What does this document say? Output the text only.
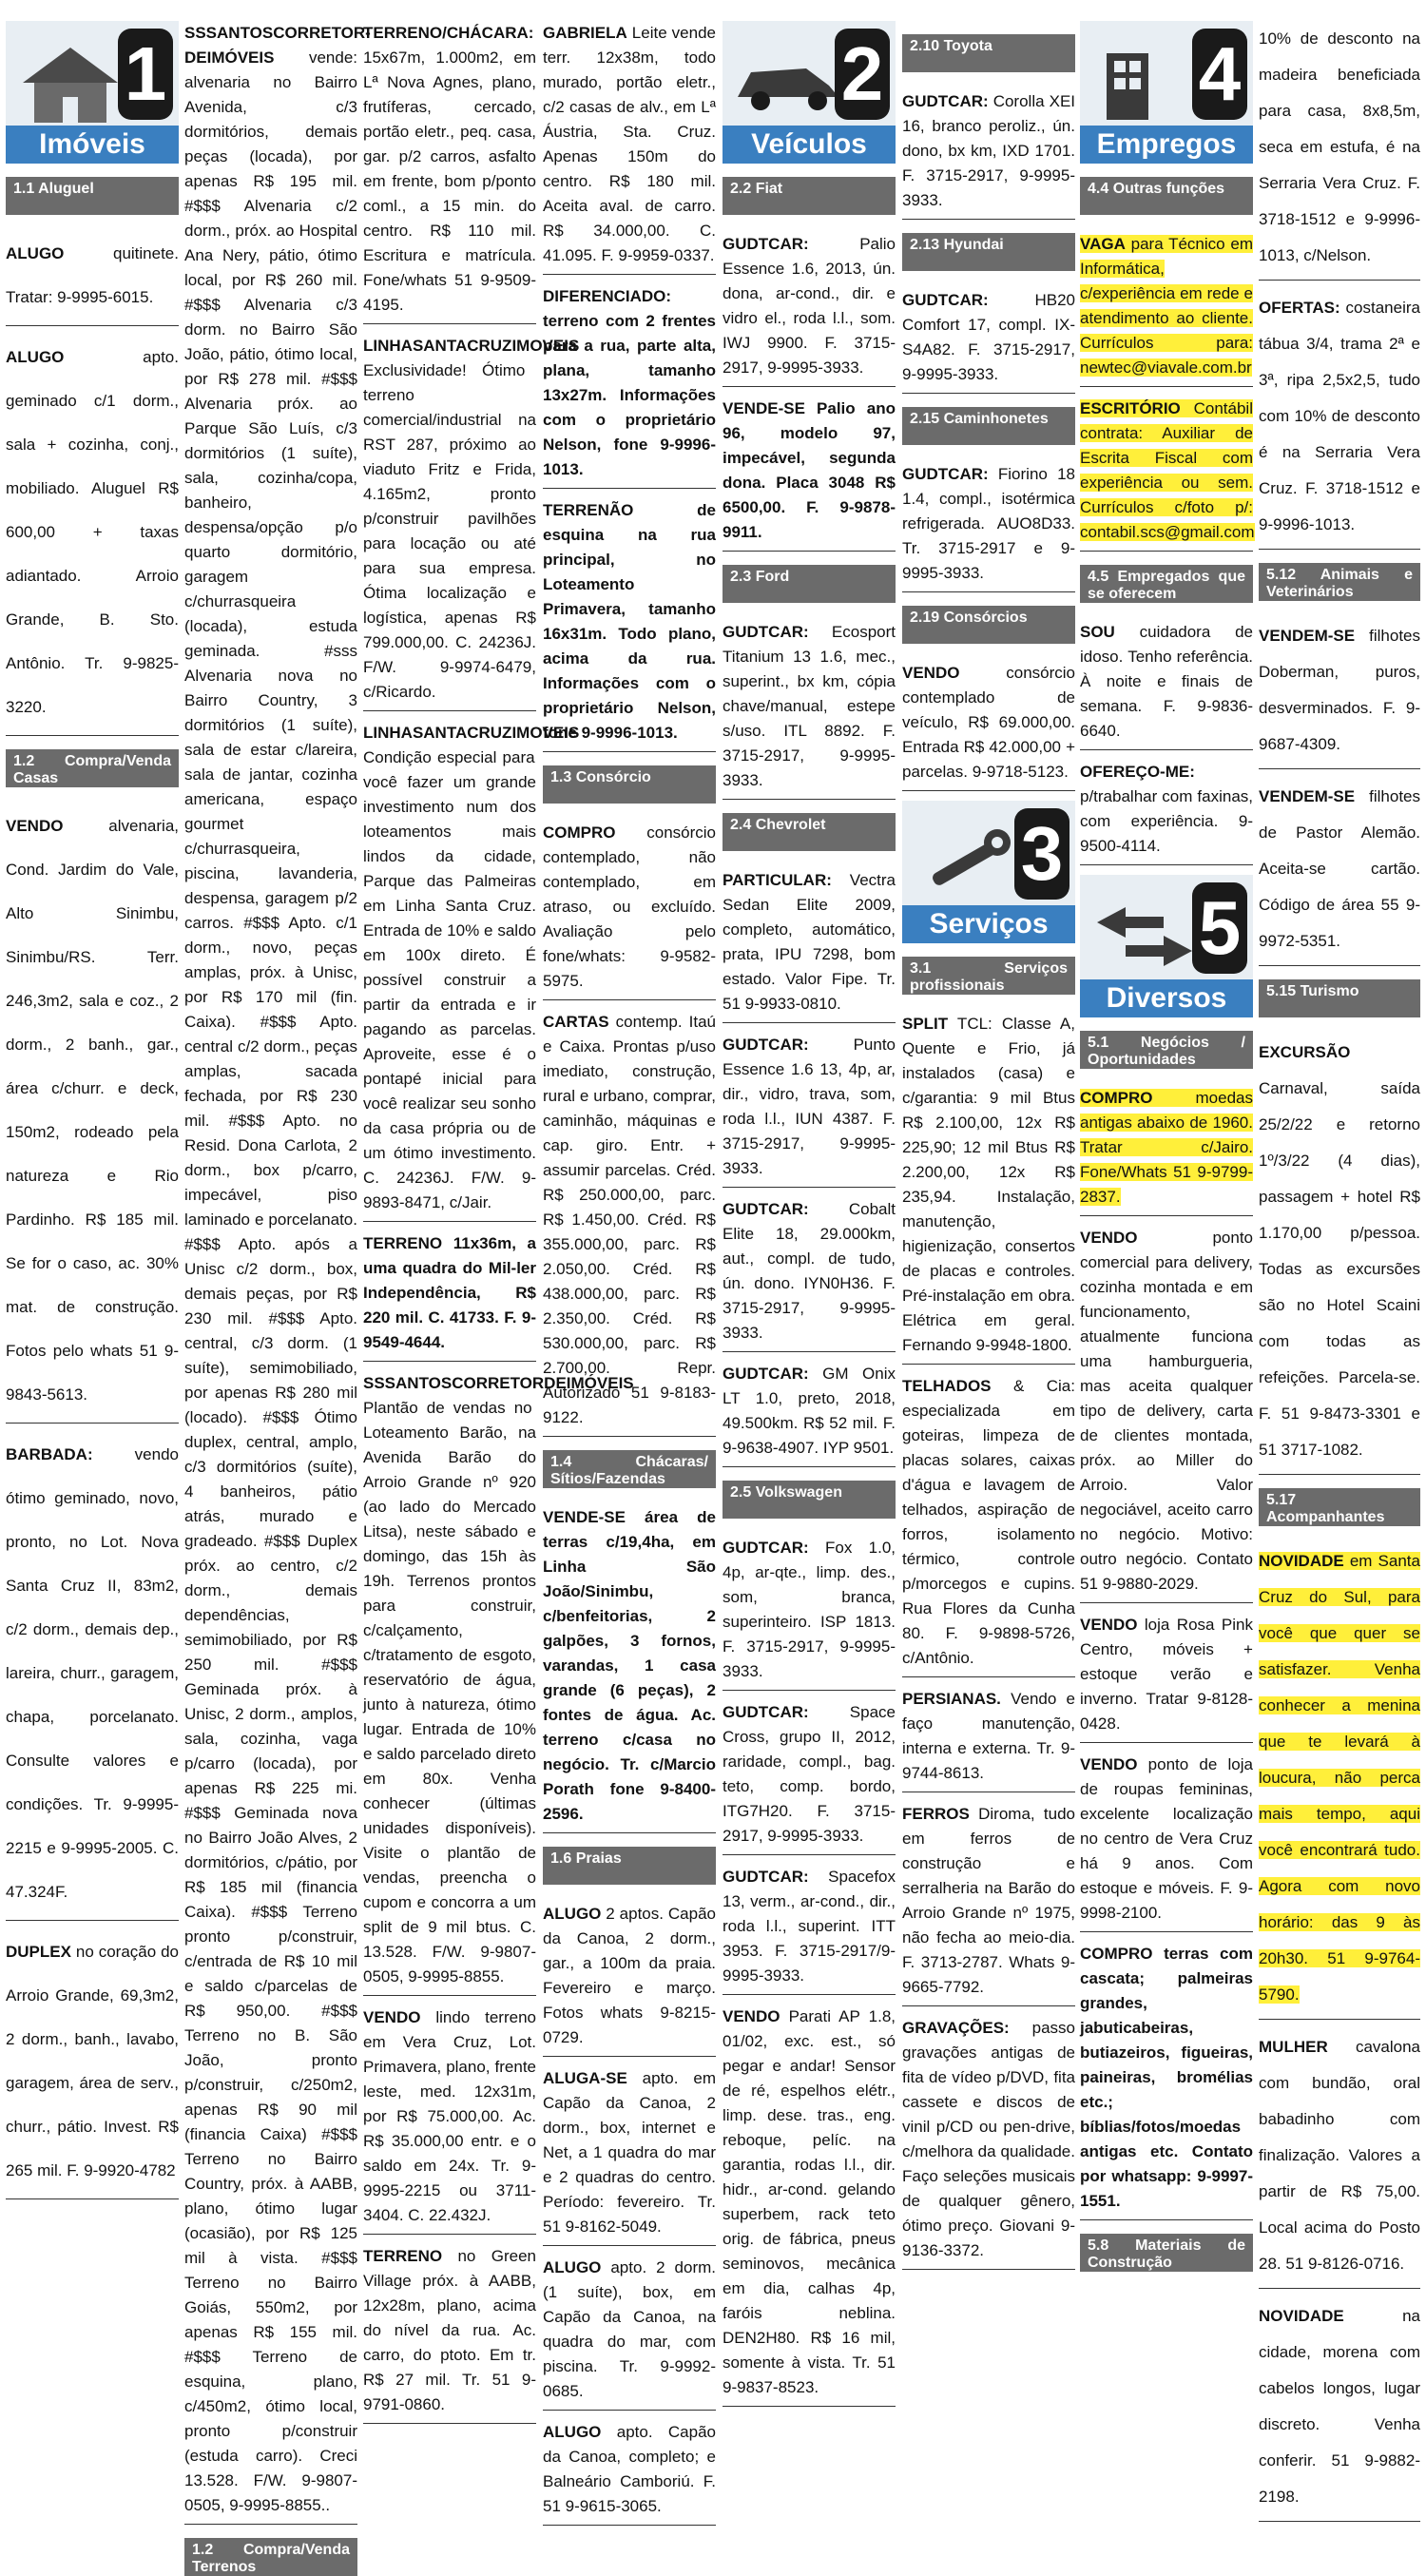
1
Imóveis
1.1 Aluguel
ALUGO quitinete. Tratar: 9-9995-6015.
ALUGO apto. geminado c/1 dorm., sala + cozinha, conj., mobiliado. Aluguel R$ 600,00 + taxas adiantado. Arroio Grande, B. Sto. Antônio. Tr. 9-9825-3220.
1.2 Compra/Venda Casas
VENDO alvenaria, Cond. Jardim do Vale, Alto Sinimbu, Sinimbu/RS. Terr. 246,3m2, sala e coz., 2 dorm., 2 banh., gar., área c/churr. e deck, 150m2, rodeado pela natureza e Rio Pardinho. R$ 185 mil. Se for o caso, ac. 30% mat. de construção. Fotos pelo whats 51 9-9843-5613.
BARBADA: vendo ótimo geminado, novo, pronto, no Lot. Nova Santa Cruz II, 83m2, c/2 dorm., demais dep., lareira, churr., garagem, chapa, porcelanato. Consulte valores e condições. Tr. 9-9995-2215 e 9-9995-2005. C. 47.324F.
DUPLEX no coração do Arroio Grande, 69,3m2, 2 dorm., banh., lavabo, garagem, área de serv., churr., pátio. Invest. R$ 265 mil. F. 9-9920-4782
SSSANTOSCORRETOR-DEIMÓVEIS vende: alvenaria no Bairro Avenida, c/3 dormitórios, demais peças (locada), por apenas R$ 195 mil. #$$$ Alvenaria c/2 dorm., próx. ao Hospital Ana Nery, pátio, ótimo local, por R$ 260 mil. #$$$ Alvenaria c/3 dorm. no Bairro São João, pátio, ótimo local, por R$ 278 mil. #$$$ Alvenaria próx. ao Parque São Luís, c/3 dormitórios (1 suíte), sala, cozinha/copa, banheiro, despensa/opção p/o quarto dormitório, garagem c/churrasqueira (locada), estuda geminada. #sss Alvenaria nova no Bairro Country, 3 dormitórios (1 suíte), sala de estar c/lareira, sala de jantar, cozinha americana, espaço gourmet c/churrasqueira, piscina, lavanderia, despensa, garagem p/2 carros. #$$$ Apto. c/1 dorm., novo, peças amplas, próx. à Unisc, por R$ 170 mil (fin. Caixa). #$$$ Apto. central c/2 dorm., peças amplas, sacada fechada, por R$ 230 mil. #$$$ Apto. no Resid. Dona Carlota, 2 dorm., box p/carro, impecável, piso laminado e porcelanato. #$$$ Apto. após a Unisc c/2 dorm., box, demais peças, por R$ 230 mil. #$$$ Apto. central, c/3 dorm. (1 suíte), semimobiliado, por apenas R$ 280 mil (locado). #$$$ Ótimo duplex, central, amplo, c/3 dormitórios (suíte), 4 banheiros, pátio atrás, murado e gradeado. #$$$ Duplex próx. ao centro, c/2 dorm., demais dependências, semimobiliado, por R$ 250 mil. #$$$ Geminada próx. à Unisc, 2 dorm., amplos, sala, cozinha, vaga p/carro (locada), por apenas R$ 225 mi. #$$$ Geminada nova no Bairro João Alves, 2 dormitórios, c/pátio, por R$ 185 mil (financia Caixa). #$$$ Terreno pronto p/construir, c/entrada de R$ 10 mil e saldo c/parcelas de R$ 950,00. #$$$ Terreno no B. São João, pronto p/construir, c/250m2, apenas R$ 90 mil (financia Caixa) #$$$ Terreno no Bairro Country, próx. à AABB, plano, ótimo lugar (ocasião), por R$ 125 mil à vista. #$$$ Terreno no Bairro Goiás, 550m2, por apenas R$ 155 mil. #$$$ Terreno de esquina, plano, c/450m2, ótimo local, pronto p/construir (estuda carro). Creci 13.528. F/W. 9-9807-0505, 9-9995-8855..
1.2 Compra/Venda Terrenos
TERRENO/CHÁCARA: 15x67m, 1.000m2, em Lª Nova Agnes, plano, frutíferas, cercado, portão eletr., peq. casa, gar. p/2 carros, asfalto em frente, bom p/ponto coml., a 15 min. do centro. R$ 110 mil. Escritura e matrícula. Fone/whats 51 9-9509-4195.
LINHASANTACRUZIMOVEIS Exclusividade! Ótimo terreno comercial/industrial na RST 287, próximo ao viaduto Fritz e Frida, 4.165m2, pronto p/construir pavilhões para locação ou até para sua empresa. Ótima localização e logística, apenas R$ 799.000,00. C. 24236J. F/W. 9-9974-6479, c/Ricardo.
LINHASANTACRUZIMOVEIS Condição especial para você fazer um grande investimento num dos loteamentos mais lindos da cidade, Parque das Palmeiras em Linha Santa Cruz. Entrada de 10% e saldo em 100x direto. É possível construir a partir da entrada e ir pagando as parcelas. Aproveite, esse é o pontapé inicial para você realizar seu sonho da casa própria ou de um ótimo investimento. C. 24236J. F/W. 9-9893-8471, c/Jair.
TERRENO 11x36m, a uma quadra do Mil-ler Independência, R$ 220 mil. C. 41733. F. 9-9549-4644.
SSSANTOSCORRETORDEIMÓVEIS Plantão de vendas no Loteamento Barão, na Avenida Barão do Arroio Grande nº 920 (ao lado do Mercado Litsa), neste sábado e domingo, das 15h às 19h. Terrenos prontos para construir, c/calçamento, c/tratamento de esgoto, reservatório de água, junto à natureza, ótimo lugar. Entrada de 10% e saldo parcelado direto em 80x. Venha conhecer (últimas unidades disponíveis). Visite o plantão de vendas, preencha o cupom e concorra a um split de 9 mil btus. C. 13.528. F/W. 9-9807-0505, 9-9995-8855.
VENDO lindo terreno em Vera Cruz, Lot. Primavera, plano, frente leste, med. 12x31m, por R$ 75.000,00. Ac. R$ 35.000,00 entr. e o saldo em 24x. Tr. 9-9995-2215 ou 3711-3404. C. 22.432J.
TERRENO no Green Village próx. à AABB, 12x28m, plano, acima do nível da rua. Ac. carro, do ptoto. Em tr. R$ 27 mil. Tr. 51 9-9791-0860.
GABRIELA Leite vende terr. 12x38m, todo murado, portão eletr., c/2 casas de alv., em Lª Áustria, Sta. Cruz. Apenas 150m do centro. R$ 180 mil. Aceita aval. de carro. R$ 34.000,00. C. 41.095. F. 9-9959-0337.
DIFERENCIADO: terreno com 2 frentes para a rua, parte alta, plana, tamanho 13x27m. Informações com o proprietário Nelson, fone 9-9996-1013.
TERRENÃO de esquina na rua principal, no Loteamento Primavera, tamanho 16x31m. Todo plano, acima da rua. Informações com o proprietário Nelson, fone 9-9996-1013.
1.3 Consórcio
COMPRO consórcio contemplado, não contemplado, em atraso, ou excluído. Avaliação pelo fone/whats: 9-9582-5975.
CARTAS contemp. Itaú e Caixa. Prontas p/uso imediato, construção, rural e urbano, comprar, caminhão, máquinas e cap. giro. Entr. + assumir parcelas. Créd. R$ 250.000,00, parc. R$ 1.450,00. Créd. R$ 355.000,00, parc. R$ 2.050,00. Créd. R$ 438.000,00, parc. R$ 2.350,00. Créd. R$ 530.000,00, parc. R$ 2.700,00. Repr. Autorizado 51 9-8183-9122.
1.4 Chácaras/ Sítios/Fazendas
VENDE-SE área de terras c/19,4ha, em Linha São João/Sinimbu, c/benfeitorias, 2 galpões, 3 fornos, varandas, 1 casa grande (6 peças), 2 fontes de água. Ac. terreno c/casa no negócio. Tr. c/Marcio Porath fone 9-8400-2596.
1.6 Praias
ALUGO 2 aptos. Capão da Canoa, 2 dorm., gar., a 100m da praia. Fevereiro e março. Fotos whats 9-8215-0729.
ALUGA-SE apto. em Capão da Canoa, 2 dorm., box, internet e Net, a 1 quadra do mar e 2 quadras do centro. Período: fevereiro. Tr. 51 9-8162-5049.
ALUGO apto. 2 dorm. (1 suíte), box, em Capão da Canoa, na quadra do mar, com piscina. Tr. 9-9992-0685.
ALUGO apto. Capão da Canoa, completo; e Balneário Camboriú. F. 51 9-9615-3065.
2
Veículos
2.2 Fiat
GUDTCAR: Palio Essence 1.6, 2013, ún. dona, ar-cond., dir. e vidro el., roda l.l., som. IWJ 9900. F. 3715-2917, 9-9995-3933.
VENDE-SE Palio ano 96, modelo 97, impecável, segunda dona. Placa 3048 R$ 6500,00. F. 9-9878-9911.
2.3 Ford
GUDTCAR: Ecosport Titanium 13 1.6, mec., superint., bx km, cópia chave/manual, estepe s/uso. ITL 8892. F. 3715-2917, 9-9995-3933.
2.4 Chevrolet
PARTICULAR: Vectra Sedan Elite 2009, completo, automático, prata, IPU 7298, bom estado. Valor Fipe. Tr. 51 9-9933-0810.
GUDTCAR: Punto Essence 1.6 13, 4p, ar, dir., vidro, trava, som, roda l.l., IUN 4387. F. 3715-2917, 9-9995-3933.
GUDTCAR: Cobalt Elite 18, 29.000km, aut., compl. de tudo, ún. dono. IYN0H36. F. 3715-2917, 9-9995-3933.
GUDTCAR: GM Onix LT 1.0, preto, 2018, 49.500km. R$ 52 mil. F. 9-9638-4907. IYP 9501.
2.5 Volkswagen
GUDTCAR: Fox 1.0, 4p, ar-qte., limp. des., som, branca, superinteiro. ISP 1813. F. 3715-2917, 9-9995-3933.
GUDTCAR: Space Cross, grupo II, 2012, raridade, compl., bag. teto, comp. bordo, ITG7H20. F. 3715-2917, 9-9995-3933.
GUDTCAR: Spacefox 13, verm., ar-cond., dir., roda l.l., superint. ITT 3953. F. 3715-2917/9-9995-3933.
VENDO Parati AP 1.8, 01/02, exc. est., só pegar e andar! Sensor de ré, espelhos elétr., limp. dese. tras., eng. reboque, pelíc. na garantia, rodas l.l., dir. hidr., ar-cond. gelando superbem, rack teto orig. de fábrica, pneus seminovos, mecânica em dia, calhas 4p, faróis neblina. DEN2H80. R$ 16 mil, somente à vista. Tr. 51 9-9837-8523.
2.10 Toyota
GUDTCAR: Corolla XEI 16, branco peroliz., ún. dono, bx km, IXD 1701. F. 3715-2917, 9-9995-3933.
2.13 Hyundai
GUDTCAR: HB20 Comfort 17, compl. IX-S4A82. F. 3715-2917, 9-9995-3933.
2.15 Caminhonetes
GUDTCAR: Fiorino 18 1.4, compl., isotérmica refrigerada. AUO8D33. Tr. 3715-2917 e 9-9995-3933.
2.19 Consórcios
VENDO consórcio contemplado de veículo, R$ 69.000,00. Entrada R$ 42.000,00 + parcelas. 9-9718-5123.
3
Serviços
3.1 Serviços profissionais
SPLIT TCL: Classe A, Quente e Frio, já instalados (casa) e c/garantia: 9 mil Btus R$ 2.100,00, 12x R$ 225,90; 12 mil Btus R$ 2.200,00, 12x R$ 235,94. Instalação, manutenção, higienização, consertos de placas e controles. Pré-instalação em obra. Elétrica em geral. Fernando 9-9948-1800.
TELHADOS & Cia: especializada em goteiras, limpeza de placas solares, caixas d'água e lavagem de telhados, aspiração de forros, isolamento térmico, controle p/morcegos e cupins. Rua Flores da Cunha 80. F. 9-9898-5726, c/Antônio.
PERSIANAS. Vendo e faço manutenção, interna e externa. Tr. 9-9744-8613.
FERROS Diroma, tudo em ferros de construção e serralheria na Barão do Arroio Grande nº 1975, não fecha ao meio-dia. F. 3713-2787. Whats 9-9665-7792.
GRAVAÇÕES: passo gravações antigas de fita de vídeo p/DVD, fita cassete e discos de vinil p/CD ou pen-drive, c/melhora da qualidade. Faço seleções musicais de qualquer gênero, ótimo preço. Giovani 9-9136-3372.
4
Empregos
4.4 Outras funções
VAGA para Técnico em Informática, c/experiência em rede e atendimento ao cliente. Currículos para: newtec@viavale.com.br
ESCRITÓRIO Contábil contrata: Auxiliar de Escrita Fiscal com experiência ou sem. Currículos c/foto p/: contabil.scs@gmail.com
4.5 Empregados que se oferecem
SOU cuidadora de idoso. Tenho referência. À noite e finais de semana. F. 9-9836-6640.
OFEREÇO-ME: p/trabalhar com faxinas, com experiência. 9-9500-4114.
5
Diversos
5.1 Negócios / Oportunidades
COMPRO moedas antigas abaixo de 1960. Tratar c/Jairo. Fone/Whats 51 9-9799-2837.
VENDO ponto comercial para delivery, cozinha montada e em funcionamento, atualmente funciona uma hamburgueria, mas aceita qualquer tipo de delivery, carta de clientes montada, próx. ao Miller do Arroio. Valor negociável, aceito carro no negócio. Motivo: outro negócio. Contato 51 9-9880-2029.
VENDO loja Rosa Pink Centro, móveis + estoque verão e inverno. Tratar 9-8128-0428.
VENDO ponto de loja de roupas femininas, excelente localização no centro de Vera Cruz há 9 anos. Com estoque e móveis. F. 9-9998-2100.
COMPRO terras com cascata; palmeiras grandes, jabuticabeiras, butiazeiros, figueiras, paineiras, bromélias etc.; bíblias/fotos/moedas antigas etc. Contato por whatsapp: 9-9997-1551.
5.8 Materiais de Construção
10% de desconto na madeira beneficiada para casa, 8x8,5m, seca em estufa, é na Serraria Vera Cruz. F. 3718-1512 e 9-9996-1013, c/Nelson.
OFERTAS: costaneira tábua 3/4, trama 2ª e 3ª, ripa 2,5x2,5, tudo com 10% de desconto é na Serraria Vera Cruz. F. 3718-1512 e 9-9996-1013.
5.12 Animais e Veterinários
VENDEM-SE filhotes Doberman, puros, desverminados. F. 9-9687-4309.
VENDEM-SE filhotes de Pastor Alemão. Aceita-se cartão. Código de área 55 9-9972-5351.
5.15 Turismo
EXCURSÃO Carnaval, saída 25/2/22 e retorno 1º/3/22 (4 dias), passagem + hotel R$ 1.170,00 p/pessoa. Todas as excursões são no Hotel Scaini com todas as refeições. Parcela-se. F. 51 9-8473-3301 e 51 3717-1082.
5.17 Acompanhantes
NOVIDADE em Santa Cruz do Sul, para você que quer se satisfazer. Venha conhecer a menina que te levará à loucura, não perca mais tempo, aqui você encontrará tudo. Agora com novo horário: das 9 às 20h30. 51 9-9764-5790.
MULHER cavalona com bundão, oral babadinho com finalização. Valores a partir de R$ 75,00. Local acima do Posto 28. 51 9-8126-0716.
NOVIDADE na cidade, morena com cabelos longos, lugar discreto. Venha conferir. 51 9-9882-2198.
